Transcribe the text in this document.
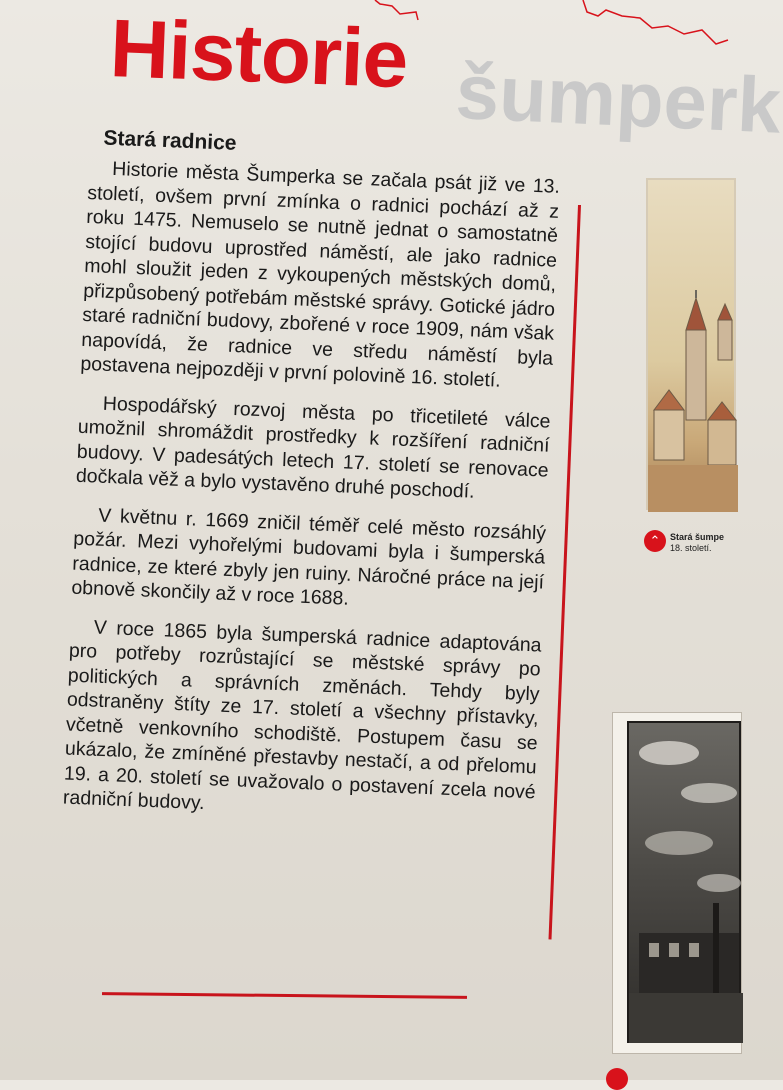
Historie šumperk
Stará radnice

Historie města Šumperka se začala psát již ve 13. století, ovšem první zmínka o radnici pochází až z roku 1475. Nemuselo se nutně jednat o samostatně stojící budovu uprostřed náměstí, ale jako radnice mohl sloužit jeden z vykoupených městských domů, přizpůsobený potřebám městské správy. Gotické jádro staré radniční budovy, zbořené v roce 1909, nám však napovídá, že radnice ve středu náměstí byla postavena nejpozději v první polovině 16. století.

Hospodářský rozvoj města po třicetileté válce umožnil shromáždit prostředky k rozšíření radniční budovy. V padesátých letech 17. století se renovace dočkala věž a bylo vystavěno druhé poschodí.

V květnu r. 1669 zničil téměř celé město rozsáhlý požár. Mezi vyhořelými budovami byla i šumperská radnice, ze které zbyly jen ruiny. Náročné práce na její obnově skončily až v roce 1688.

V roce 1865 byla šumperská radnice adaptována pro potřeby rozrůstající se městské správy po politických a správních změnách. Tehdy byly odstraněny štíty ze 17. století a všechny přístavky, včetně venkovního schodiště. Postupem času se ukázalo, že zmíněné přestavby nestačí, a od přelomu 19. a 20. století se uvažovalo o postavení zcela nové radniční budovy.

⌃	Stará šumpe
18. století.
